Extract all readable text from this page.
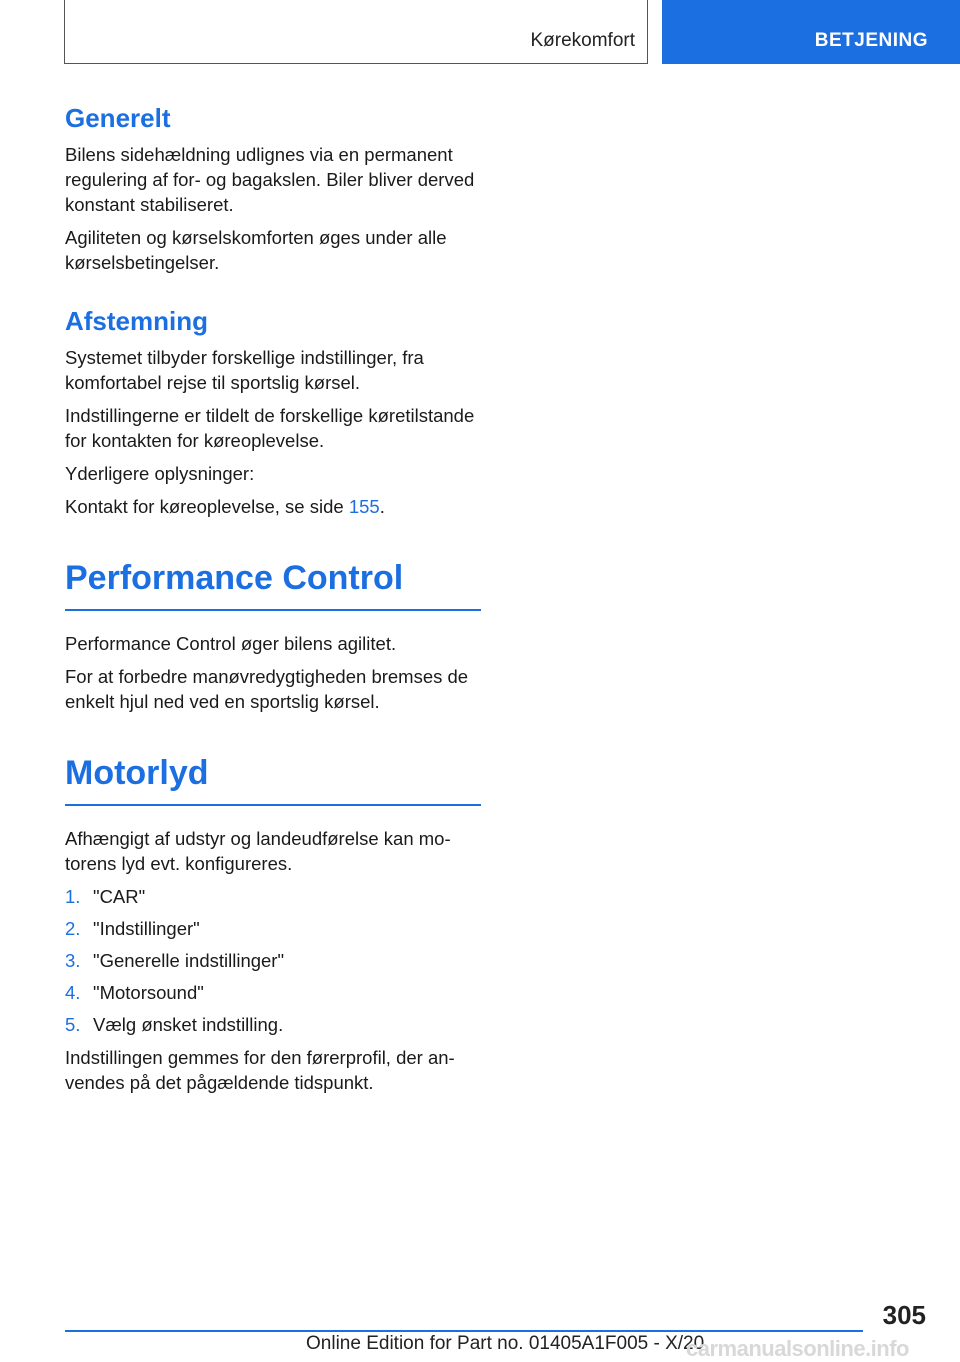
Kørekomfort	BETJENING
Generelt

Bilens sidehældning udlignes via en permanent regulering af for- og bagakslen. Biler bliver derved konstant stabiliseret.

Agiliteten og kørselskomforten øges under alle kørselsbetingelser.

Afstemning

Systemet tilbyder forskellige indstillinger, fra komfortabel rejse til sportslig kørsel.

Indstillingerne er tildelt de forskellige køretilstande for kontakten for køreoplevelse.

Yderligere oplysninger:

Kontakt for køreoplevelse, se side 155.

Performance Control

Performance Control øger bilens agilitet.

For at forbedre manøvredygtigheden bremses de enkelt hjul ned ved en sportslig kørsel.

Motorlyd

Afhængigt af udstyr og landeudførelse kan motorens lyd evt. konfigureres.

1. "CAR"
2. "Indstillinger"
3. "Generelle indstillinger"
4. "Motorsound"
5. Vælg ønsket indstilling.

Indstillingen gemmes for den førerprofil, der anvendes på det pågældende tidspunkt.

305
Online Edition for Part no. 01405A1F005 - X/20
carmanualsonline.info
